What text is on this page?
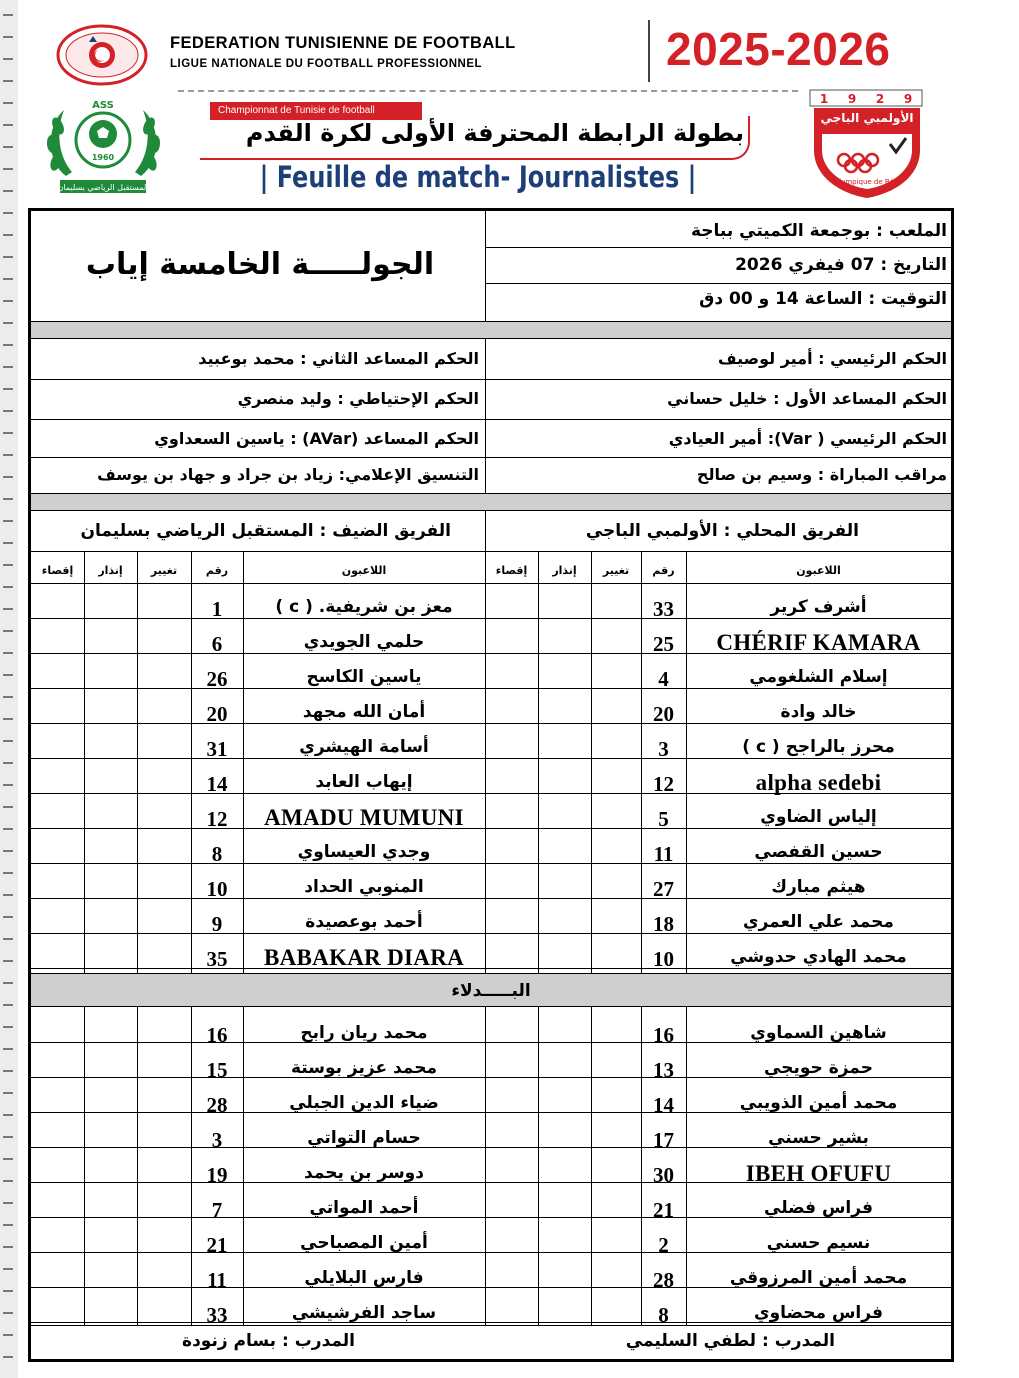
FEDERATION TUNISIENNE DE FOOTBALL
LIGUE NATIONALE DU FOOTBALL PROFESSIONNEL	2025-2026
1960
ASS
المستقبل الرياضي بسليمان
Championnat de Tunisie de football
بطولة الرابطة المحترفة الأولى لكرة القدم
| Feuille de match- Journalistes |
1 9 2 9
الأولمبي الباجي
Olympique de Béja
الجولـــــة الخامسة إياب
الملعب : بوجمعة الكميتي بباجة
التاريخ : 07 فيفري 2026
التوقيت : الساعة 14 و 00 دق
الحكم الرئيسي : أمير لوصيف
الحكم المساعد الأول : خليل حساني
الحكم الرئيسي ( Var): أمير العيادي
مراقب المباراة : وسيم بن صالح
الحكم المساعد الثاني : محمد بوعبيد
الحكم الإحتياطي : وليد منصري
الحكم المساعد (AVar) : ياسين السعداوي
التنسيق الإعلامي: زياد بن جراد و جهاد بن يوسف
الفريق المحلي : الأولمبي الباجي
الفريق الضيف : المستقبل الرياضي بسليمان
اللاعبون
رقم
تغيير
إنذار
إقصاء
اللاعبون
رقم
تغيير
إنذار
إقصاء
أشرف كرير
33
CHÉRIF KAMARA
25
إسلام الشلغومي
4
خالد وادة
20
محرز بالراجح ( c )
3
alpha sedebi
12
إلياس الضاوي
5
حسين القفصي
11
هيثم مبارك
27
محمد علي العمري
18
محمد الهادي حدوشي
10
معز بن شريفية. ( c )
1
حلمي الجويدي
6
ياسين الكاسح
26
أمان الله مجهد
20
أسامة الهيشري
31
إيهاب العابد
14
AMADU MUMUNI
12
وجدي العيساوي
8
المنوبي الحداد
10
أحمد بوعصيدة
9
BABAKAR DIARA
35
البـــــدلاء
شاهين السماوي
16
حمزة حويجي
13
محمد أمين الذويبي
14
بشير حسني
17
IBEH OFUFU
30
فراس فضلي
21
نسيم حسني
2
محمد أمين المرزوقي
28
فراس محضاوي
8
محمد ريان رابح
16
محمد عزيز بوستة
15
ضياء الدين الجبلي
28
حسام التواتي
3
دوسر بن يحمد
19
أحمد المواتي
7
أمين المصباحي
21
فارس البلايلي
11
ساجد الفرشيشي
33
المدرب : لطفي السليمي
المدرب : بسام زنودة
